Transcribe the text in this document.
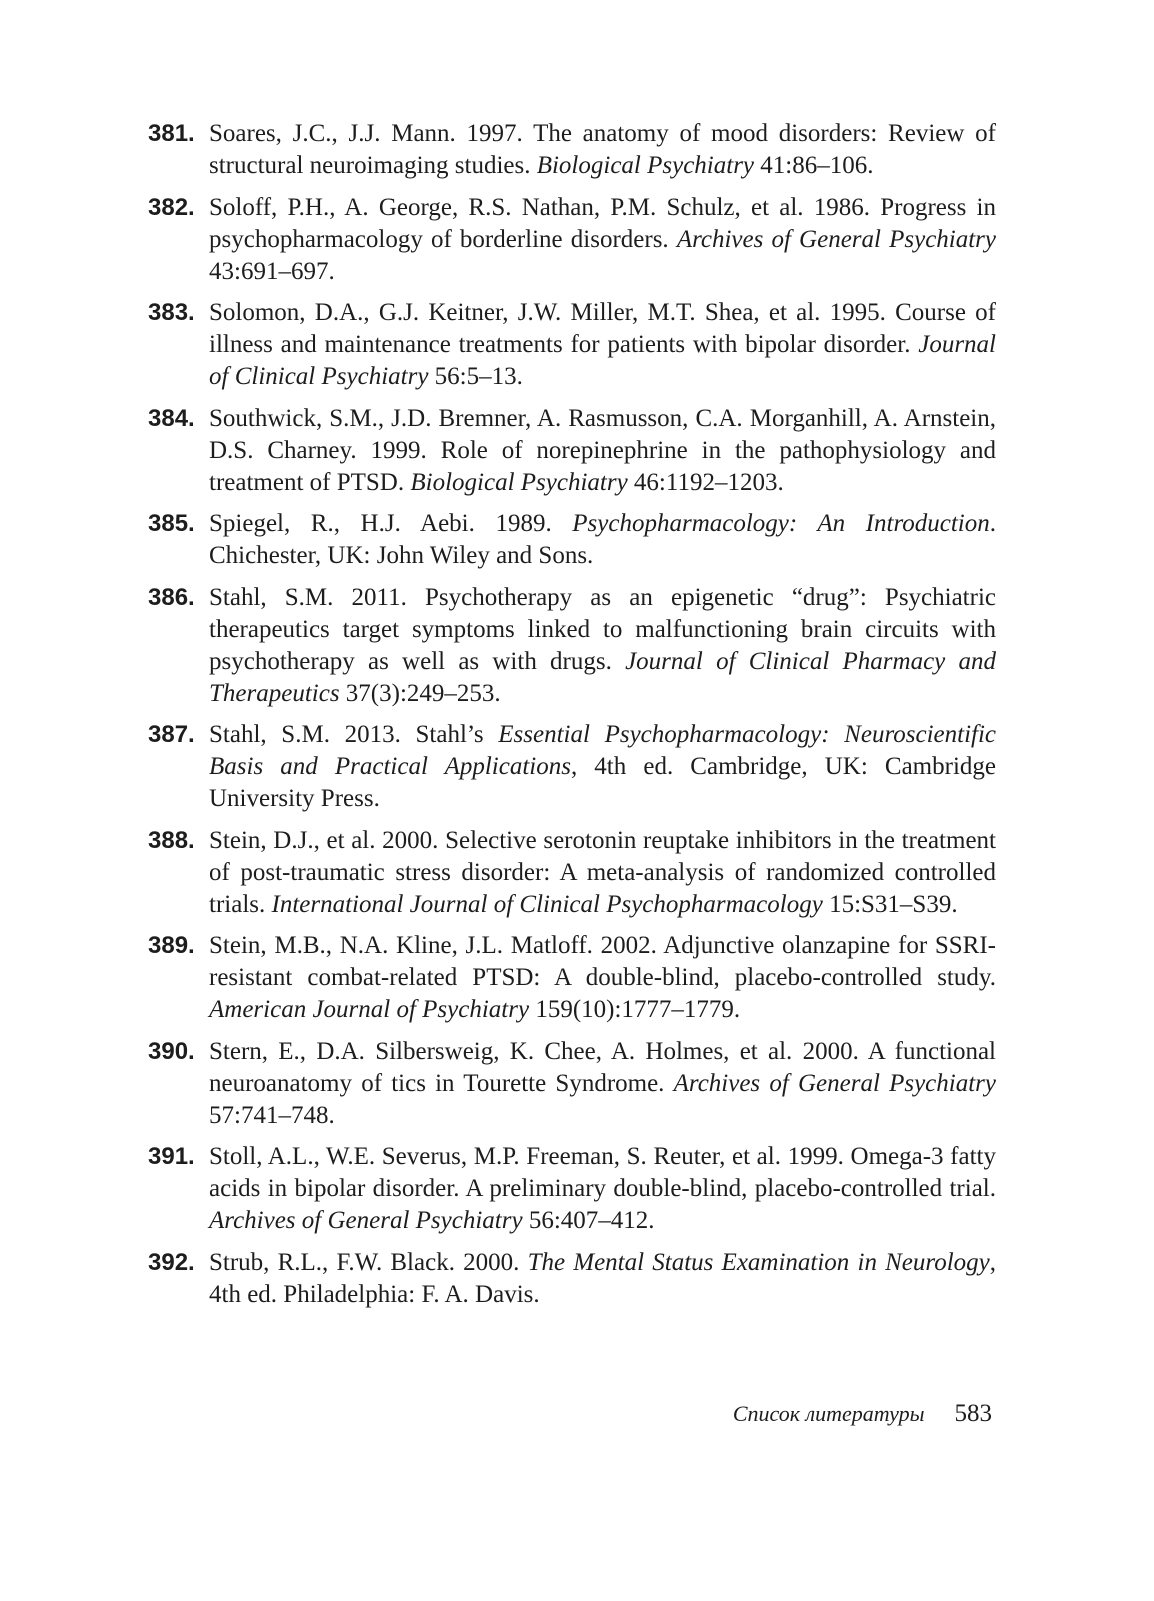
381. Soares, J.C., J.J. Mann. 1997. The anatomy of mood disorders: Review of structural neuroimaging studies. Biological Psychiatry 41:86–106.
382. Soloff, P.H., A. George, R.S. Nathan, P.M. Schulz, et al. 1986. Progress in psychopharmacology of borderline disorders. Archives of General Psychiatry 43:691–697.
383. Solomon, D.A., G.J. Keitner, J.W. Miller, M.T. Shea, et al. 1995. Course of illness and maintenance treatments for patients with bipolar disorder. Journal of Clinical Psychiatry 56:5–13.
384. Southwick, S.M., J.D. Bremner, A. Rasmusson, C.A. Morganhill, A. Arnstein, D.S. Charney. 1999. Role of norepinephrine in the pathophysiology and treatment of PTSD. Biological Psychiatry 46:1192–1203.
385. Spiegel, R., H.J. Aebi. 1989. Psychopharmacology: An Introduction. Chichester, UK: John Wiley and Sons.
386. Stahl, S.M. 2011. Psychotherapy as an epigenetic “drug”: Psychiatric therapeutics target symptoms linked to malfunctioning brain circuits with psychotherapy as well as with drugs. Journal of Clinical Pharmacy and Therapeutics 37(3):249–253.
387. Stahl, S.M. 2013. Stahl’s Essential Psychopharmacology: Neuroscientific Basis and Practical Applications, 4th ed. Cambridge, UK: Cambridge University Press.
388. Stein, D.J., et al. 2000. Selective serotonin reuptake inhibitors in the treatment of post-traumatic stress disorder: A meta-analysis of randomized controlled trials. International Journal of Clinical Psychopharmacology 15:S31–S39.
389. Stein, M.B., N.A. Kline, J.L. Matloff. 2002. Adjunctive olanzapine for SSRI-resistant combat-related PTSD: A double-blind, placebo-controlled study. American Journal of Psychiatry 159(10):1777–1779.
390. Stern, E., D.A. Silbersweig, K. Chee, A. Holmes, et al. 2000. A functional neuroanatomy of tics in Tourette Syndrome. Archives of General Psychiatry 57:741–748.
391. Stoll, A.L., W.E. Severus, M.P. Freeman, S. Reuter, et al. 1999. Omega-3 fatty acids in bipolar disorder. A preliminary double-blind, placebo-controlled trial. Archives of General Psychiatry 56:407–412.
392. Strub, R.L., F.W. Black. 2000. The Mental Status Examination in Neurology, 4th ed. Philadelphia: F. A. Davis.
Список литературы 583
